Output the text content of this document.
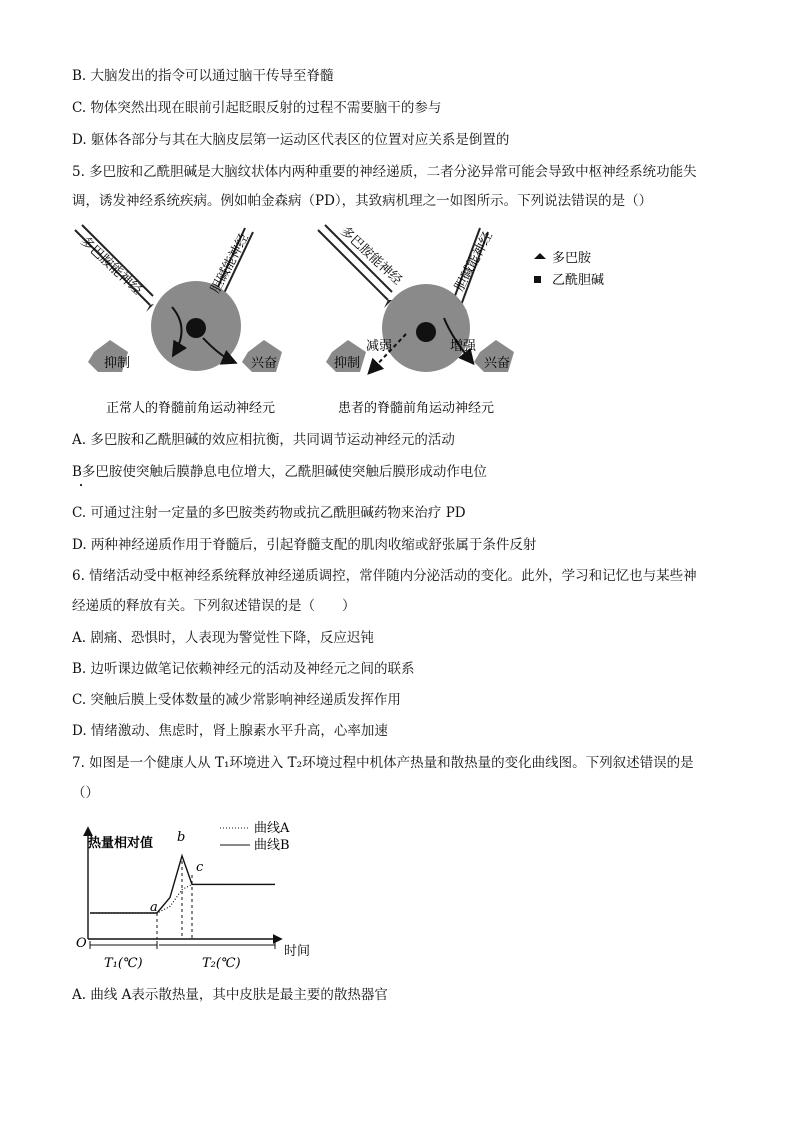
B. 大脑发出的指令可以通过脑干传导至脊髓
C. 物体突然出现在眼前引起眨眼反射的过程不需要脑干的参与
D. 躯体各部分与其在大脑皮层第一运动区代表区的位置对应关系是倒置的
5. 多巴胺和乙酰胆碱是大脑纹状体内两种重要的神经递质，二者分泌异常可能会导致中枢神经系统功能失
调，诱发神经系统疾病。例如帕金森病（PD），其致病机理之一如图所示。下列说法错误的是（）
抑制	兴奋
多巴胺能神经	胆碱能神经
正常人的脊髓前角运动神经元
抑制	兴奋
减弱	增强
多巴胺能神经	胆碱能神经
患者的脊髓前角运动神经元
多巴胺
乙酰胆碱
A. 多巴胺和乙酰胆碱的效应相抗衡，共同调节运动神经元的活动
B多巴胺使突触后膜静息电位增大，乙酰胆碱使突触后膜形成动作电位
C. 可通过注射一定量的多巴胺类药物或抗乙酰胆碱药物来治疗 PD
D. 两种神经递质作用于脊髓后，引起脊髓支配的肌肉收缩或舒张属于条件反射
6. 情绪活动受中枢神经系统释放神经递质调控，常伴随内分泌活动的变化。此外，学习和记忆也与某些神
经递质的释放有关。下列叙述错误的是（　　）
A. 剧痛、恐惧时，人表现为警觉性下降，反应迟钝
B. 边听课边做笔记依赖神经元的活动及神经元之间的联系
C. 突触后膜上受体数量的减少常影响神经递质发挥作用
D. 情绪激动、焦虑时，肾上腺素水平升高，心率加速
7. 如图是一个健康人从 T₁环境进入 T₂环境过程中机体产热量和散热量的变化曲线图。下列叙述错误的是
（）
热量相对值
时间
O
曲线A
曲线B
a
b
c
T₁(℃)	T₂(℃)
A. 曲线 A表示散热量，其中皮肤是最主要的散热器官
